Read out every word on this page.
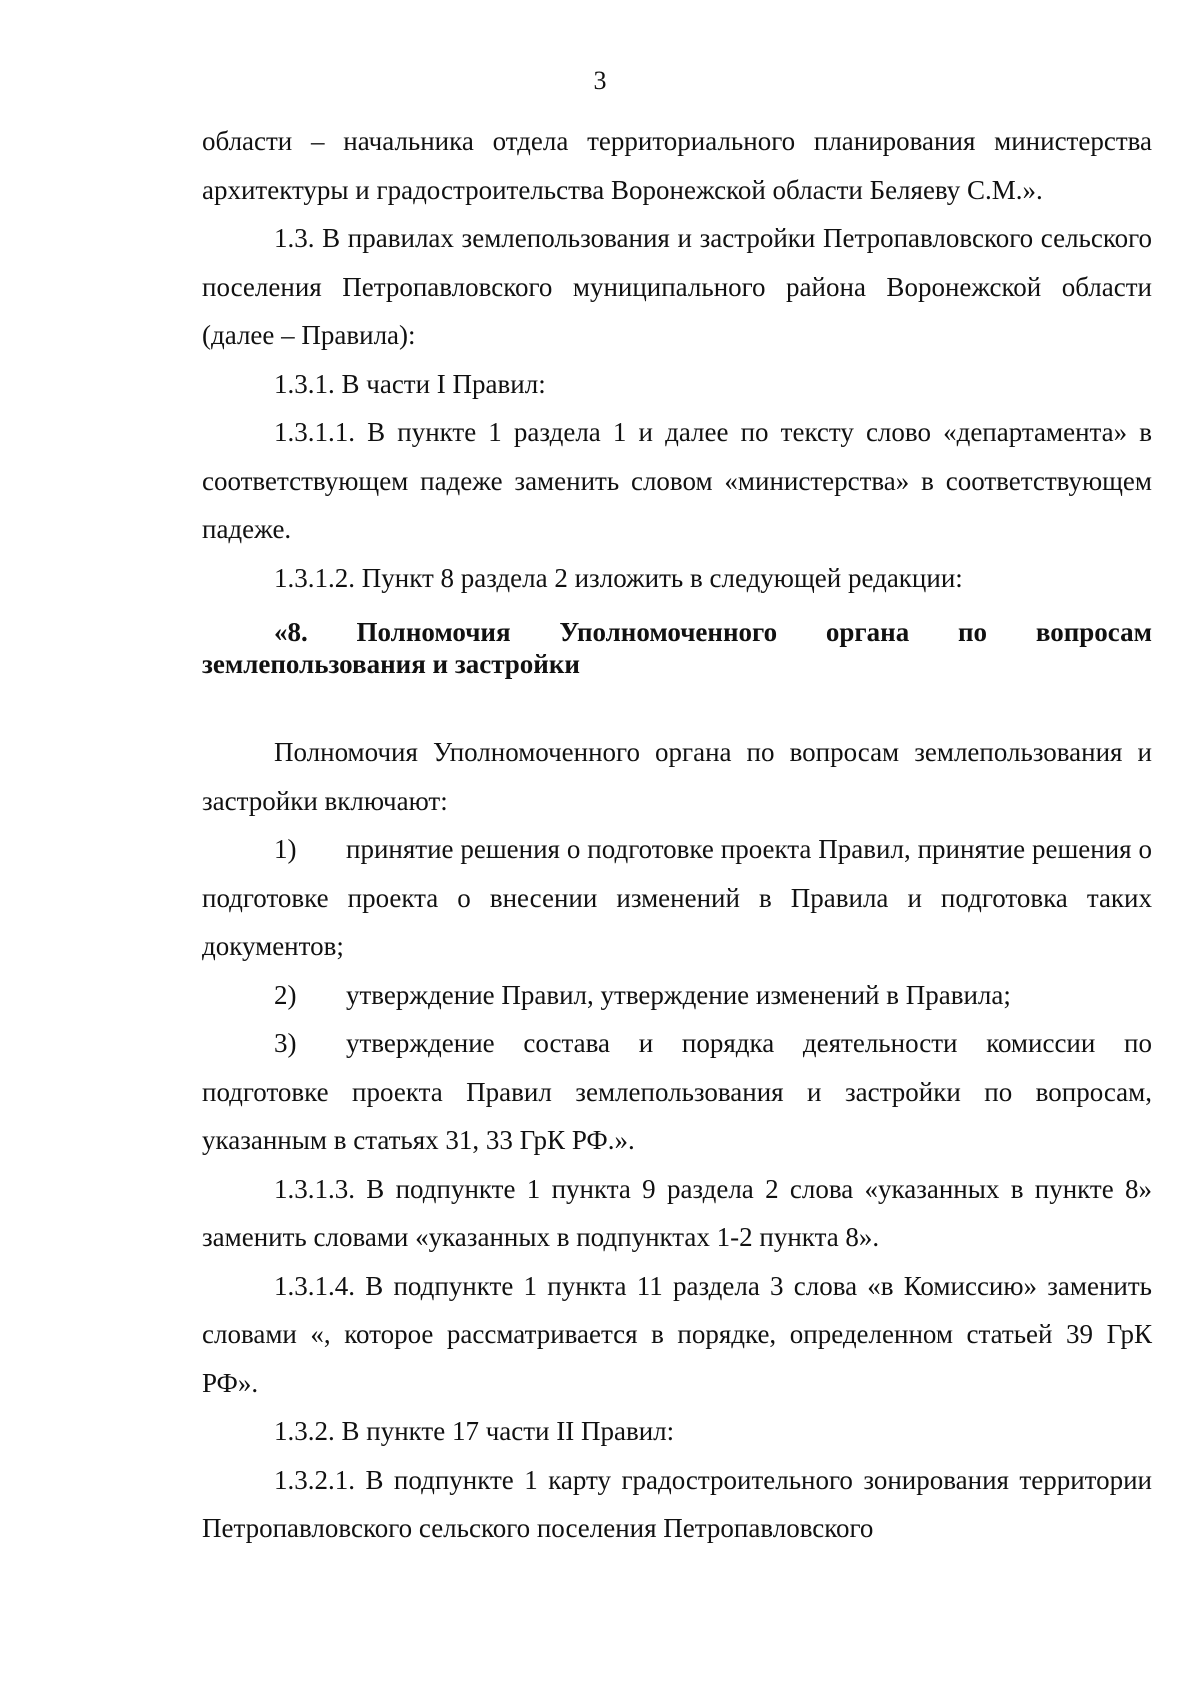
3

области – начальника отдела территориального планирования министерства архитектуры и градостроительства Воронежской области Беляеву С.М.».

1.3. В правилах землепользования и застройки Петропавловского сельского поселения Петропавловского муниципального района Воронежской области (далее – Правила):

1.3.1. В части I Правил:

1.3.1.1. В пункте 1 раздела 1 и далее по тексту слово «департамента» в соответствующем падеже заменить словом «министерства» в соответствующем падеже.

1.3.1.2. Пункт 8 раздела 2 изложить в следующей редакции:

«8. Полномочия Уполномоченного органа по вопросам землепользования и застройки

Полномочия Уполномоченного органа по вопросам землепользования и застройки включают:

1) принятие решения о подготовке проекта Правил, принятие решения о подготовке проекта о внесении изменений в Правила и подготовка таких документов;

2) утверждение Правил, утверждение изменений в Правила;

3) утверждение состава и порядка деятельности комиссии по подготовке проекта Правил землепользования и застройки по вопросам, указанным в статьях 31, 33 ГрК РФ.».

1.3.1.3. В подпункте 1 пункта 9 раздела 2 слова «указанных в пункте 8» заменить словами «указанных в подпунктах 1-2 пункта 8».

1.3.1.4. В подпункте 1 пункта 11 раздела 3 слова «в Комиссию» заменить словами «, которое рассматривается в порядке, определенном статьей 39 ГрК РФ».

1.3.2. В пункте 17 части II Правил:

1.3.2.1. В подпункте 1 карту градостроительного зонирования территории Петропавловского сельского поселения Петропавловского
